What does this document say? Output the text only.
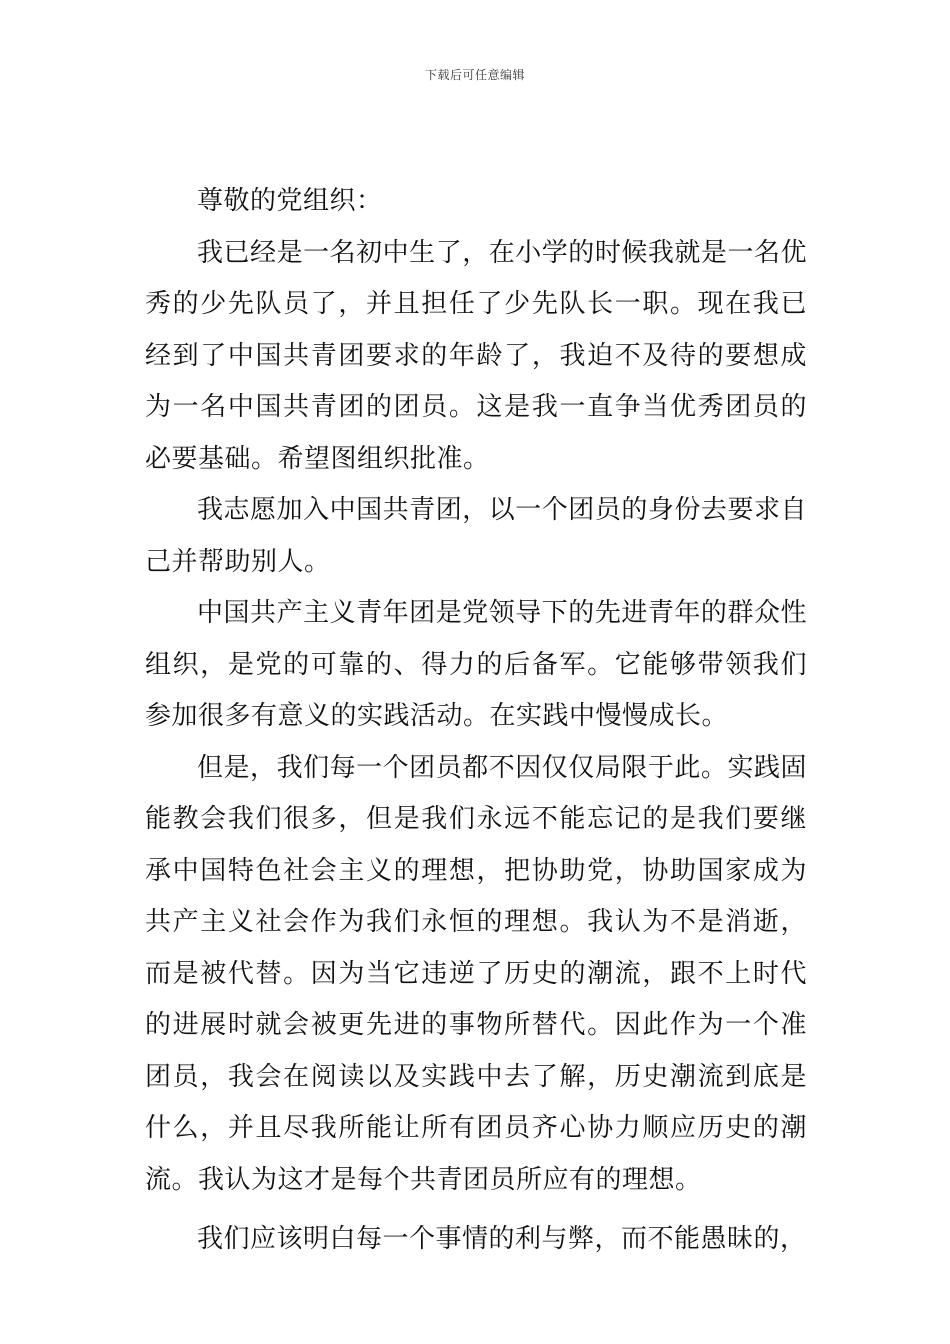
下载后可任意编辑

尊敬的党组织：

我已经是一名初中生了，在小学的时候我就是一名优秀的少先队员了，并且担任了少先队长一职。现在我已经到了中国共青团要求的年龄了，我迫不及待的要想成为一名中国共青团的团员。这是我一直争当优秀团员的必要基础。希望图组织批准。

我志愿加入中国共青团，以一个团员的身份去要求自己并帮助别人。

中国共产主义青年团是党领导下的先进青年的群众性组织，是党的可靠的、得力的后备军。它能够带领我们参加很多有意义的实践活动。在实践中慢慢成长。

但是，我们每一个团员都不因仅仅局限于此。实践固能教会我们很多，但是我们永远不能忘记的是我们要继承中国特色社会主义的理想，把协助党，协助国家成为共产主义社会作为我们永恒的理想。我认为不是消逝，而是被代替。因为当它违逆了历史的潮流，跟不上时代的进展时就会被更先进的事物所替代。因此作为一个准团员，我会在阅读以及实践中去了解，历史潮流到底是什么，并且尽我所能让所有团员齐心协力顺应历史的潮流。我认为这才是每个共青团员所应有的理想。

我们应该明白每一个事情的利与弊，而不能愚昧的，
